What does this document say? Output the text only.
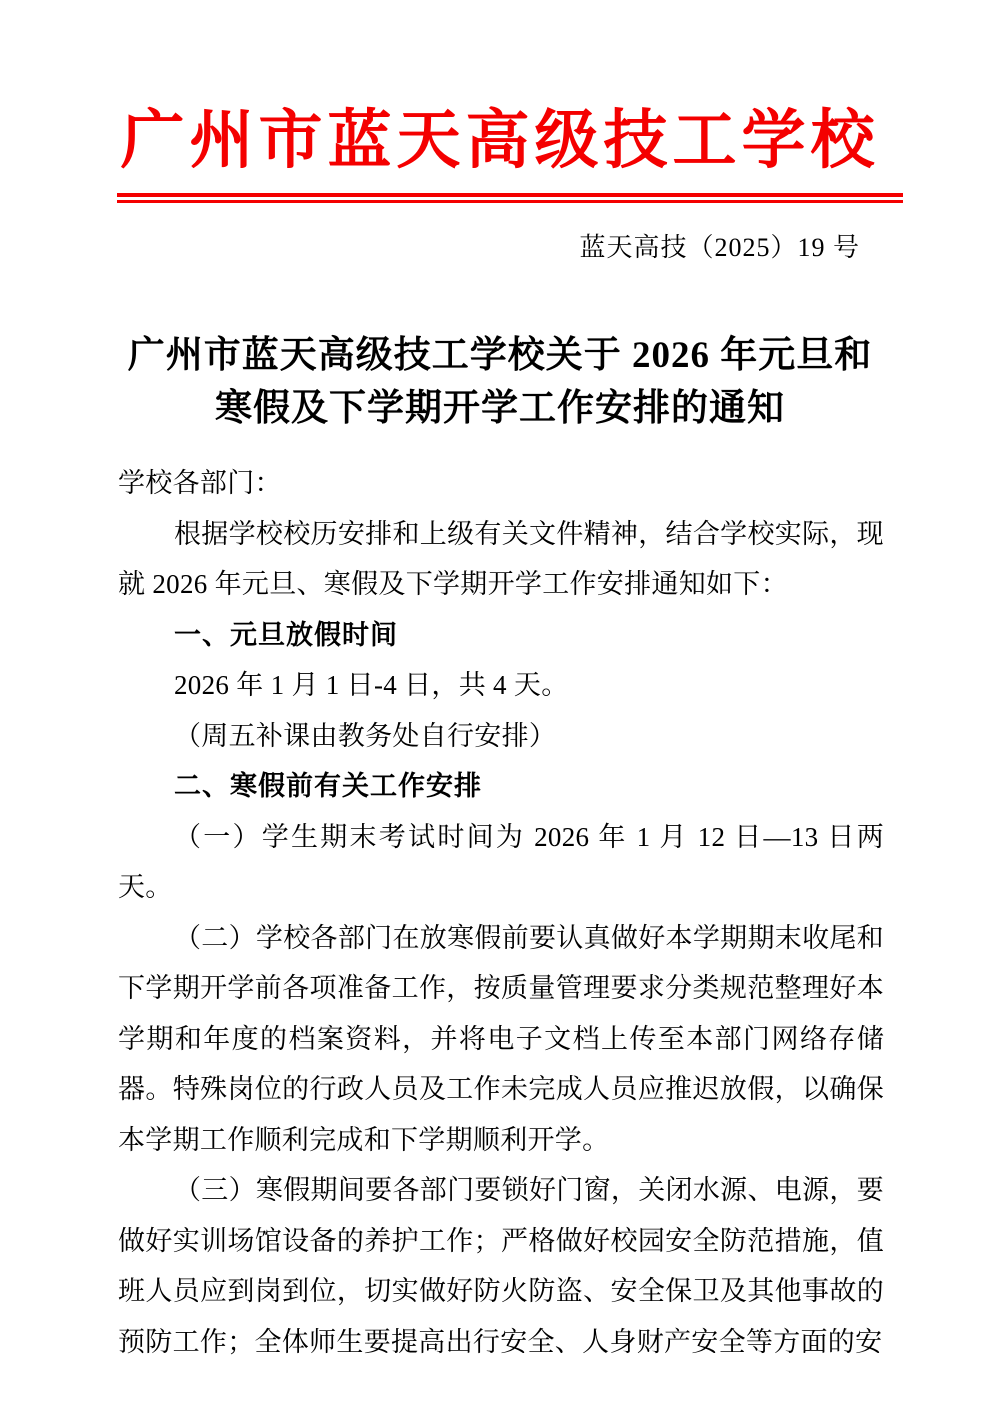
广州市蓝天高级技工学校
蓝天高技（2025）19 号
广州市蓝天高级技工学校关于 2026 年元旦和
寒假及下学期开学工作安排的通知

学校各部门：

根据学校校历安排和上级有关文件精神，结合学校实际，现就 2026 年元旦、寒假及下学期开学工作安排通知如下：

一、元旦放假时间

2026 年 1 月 1 日-4 日，共 4 天。

（周五补课由教务处自行安排）

二、寒假前有关工作安排

（一）学生期末考试时间为 2026 年 1 月 12 日—13 日两天。

（二）学校各部门在放寒假前要认真做好本学期期末收尾和下学期开学前各项准备工作，按质量管理要求分类规范整理好本学期和年度的档案资料，并将电子文档上传至本部门网络存储器。特殊岗位的行政人员及工作未完成人员应推迟放假，以确保本学期工作顺利完成和下学期顺利开学。

（三）寒假期间要各部门要锁好门窗，关闭水源、电源，要做好实训场馆设备的养护工作；严格做好校园安全防范措施，值班人员应到岗到位，切实做好防火防盗、安全保卫及其他事故的预防工作；全体师生要提高出行安全、人身财产安全等方面的安
